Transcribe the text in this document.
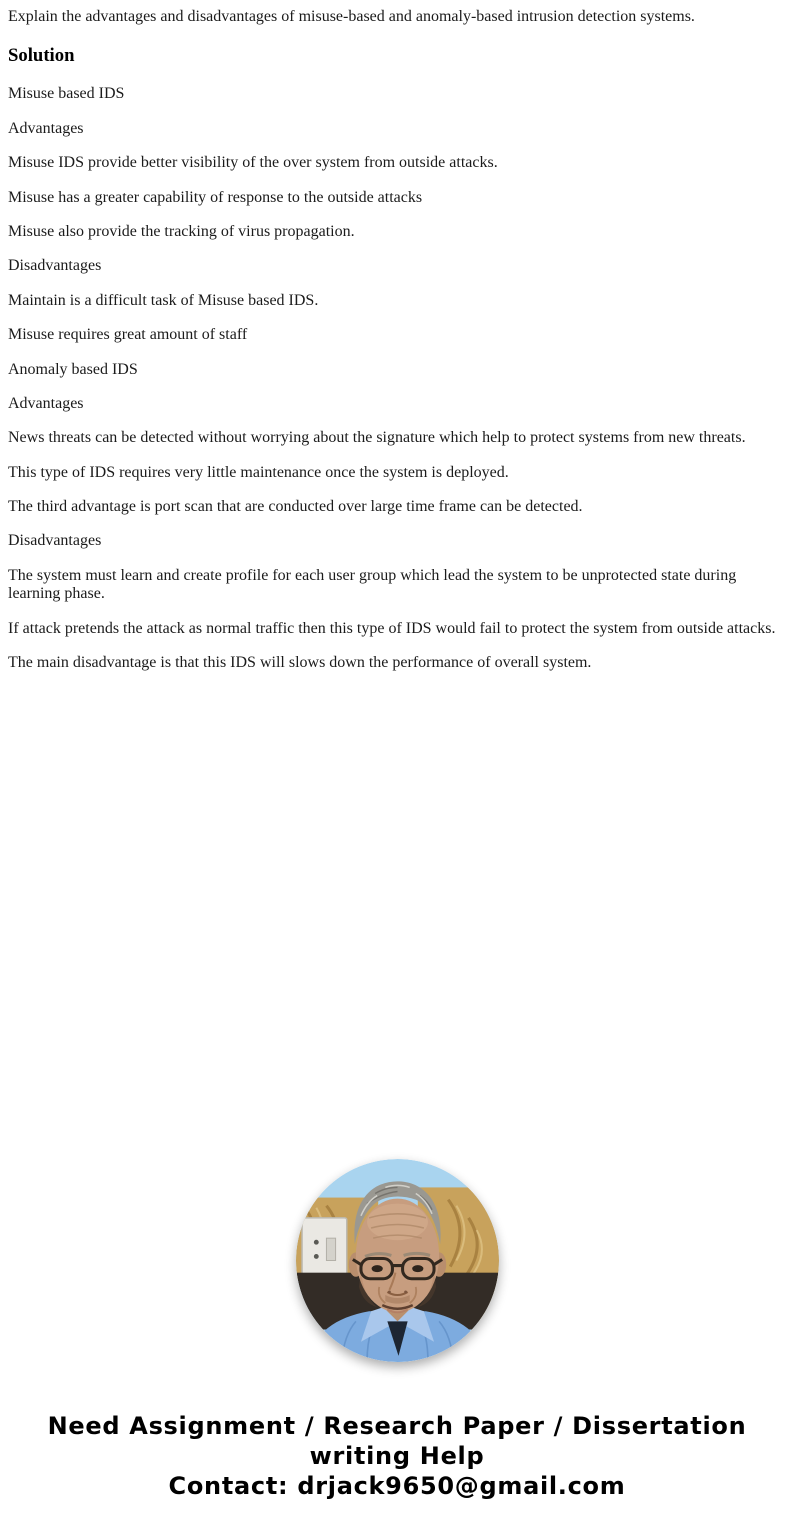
Explain the advantages and disadvantages of misuse-based and anomaly-based intrusion detection systems.

Solution

Misuse based IDS

Advantages

Misuse IDS provide better visibility of the over system from outside attacks.

Misuse has a greater capability of response to the outside attacks

Misuse also provide the tracking of virus propagation.

Disadvantages

Maintain is a difficult task of Misuse based IDS.

Misuse requires great amount of staff

Anomaly based IDS

Advantages

News threats can be detected without worrying about the signature which help to protect systems from new threats.

This type of IDS requires very little maintenance once the system is deployed.

The third advantage is port scan that are conducted over large time frame can be detected.

Disadvantages

The system must learn and create profile for each user group which lead the system to be unprotected state during learning phase.

If attack pretends the attack as normal traffic then this type of IDS would fail to protect the system from outside attacks.

The main disadvantage is that this IDS will slows down the performance of overall system.

Need Assignment / Research Paper / Dissertation writing Help
Contact: drjack9650@gmail.com
